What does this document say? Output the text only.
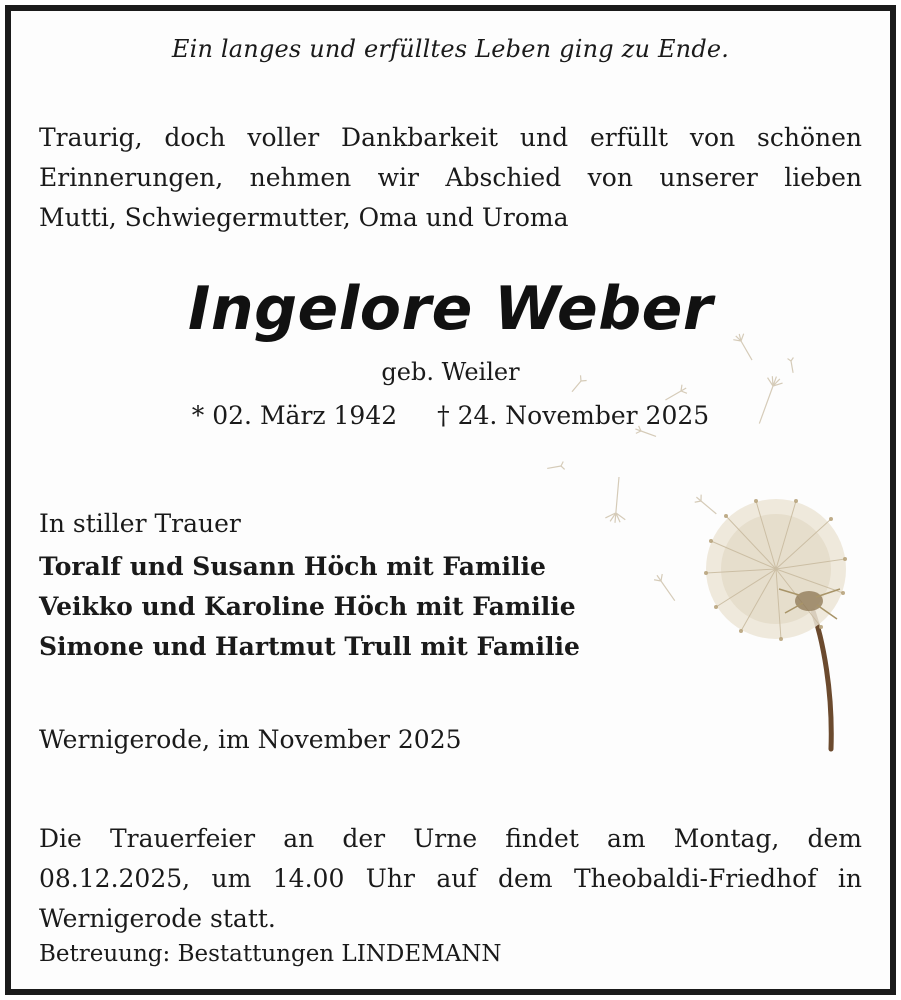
Ein langes und erfülltes Leben ging zu Ende.
Traurig, doch voller Dankbarkeit und erfüllt von schönen
Erinnerungen, nehmen wir Abschied von unserer lieben
Mutti, Schwiegermutter, Oma und Uroma
Ingelore Weber
geb. Weiler
* 02. März 1942 † 24. November 2025
In stiller Trauer
Toralf und Susann Höch mit Familie
Veikko und Karoline Höch mit Familie
Simone und Hartmut Trull mit Familie
Wernigerode, im November 2025
Die Trauerfeier an der Urne findet am Montag, dem
08.12.2025, um 14.00 Uhr auf dem Theobaldi-Friedhof in
Wernigerode statt.
Betreuung: Bestattungen LINDEMANN
